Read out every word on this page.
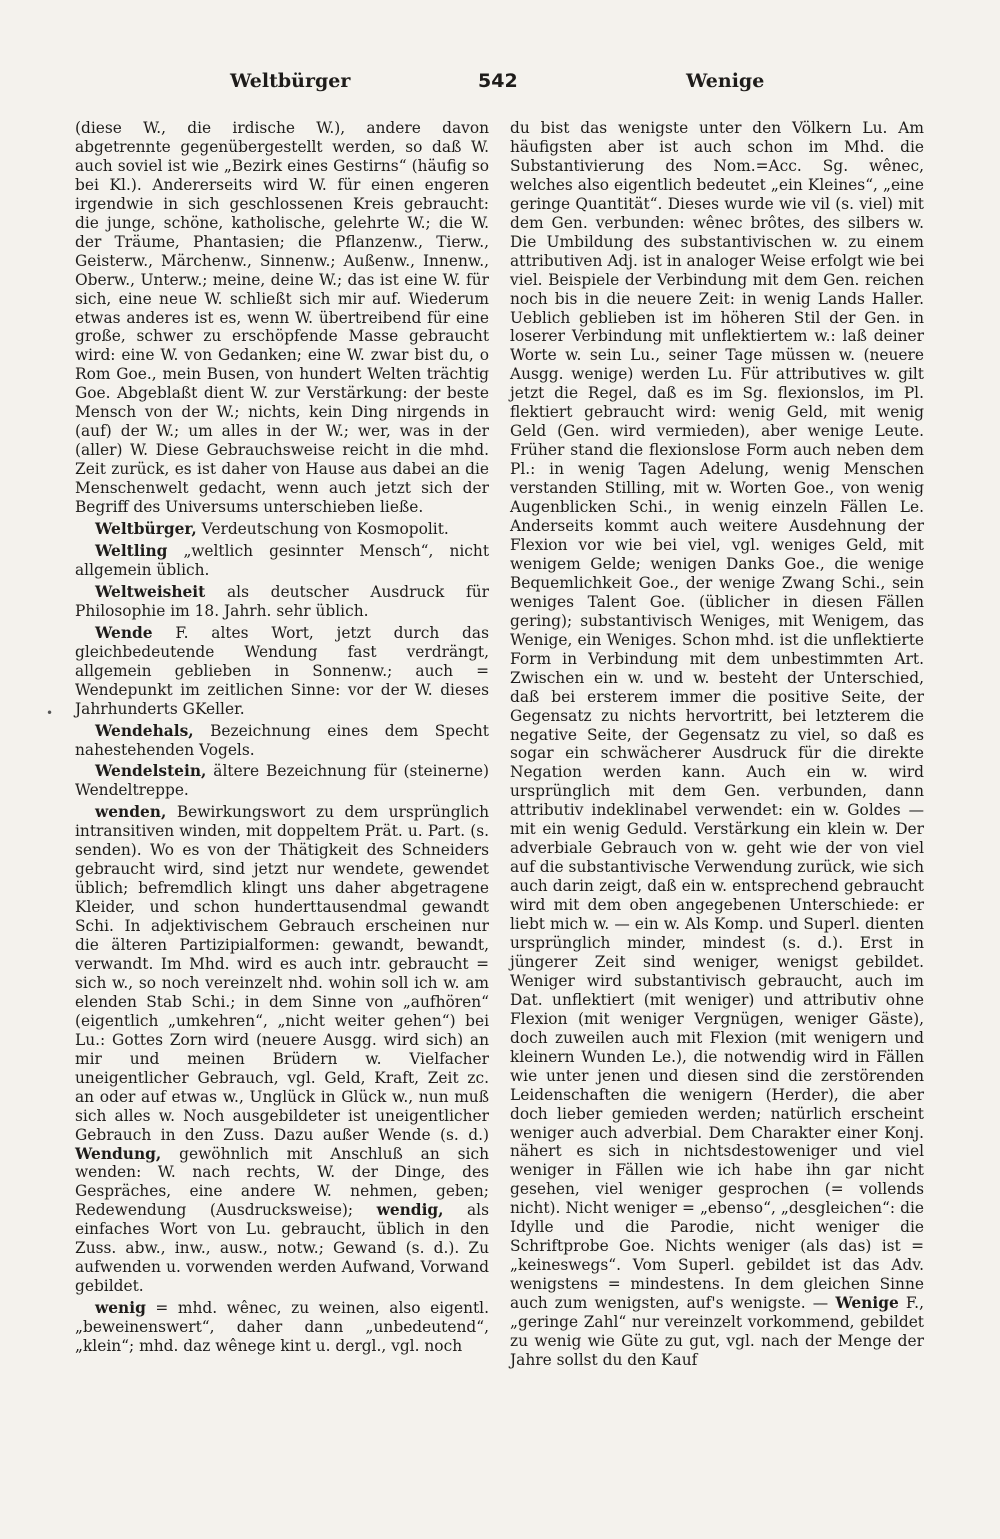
Weltbürger	542	Wenige
•

(diese W., die irdische W.), andere davon abgetrennte gegenübergestellt werden, so daß W. auch soviel ist wie „Bezirk eines Gestirns“ (häufig so bei Kl.). Andererseits wird W. für einen engeren irgendwie in sich geschlossenen Kreis gebraucht: die junge, schöne, katholische, gelehrte W.; die W. der Träume, Phantasien; die Pflanzenw., Tierw., Geisterw., Märchenw., Sinnenw.; Außenw., Innenw., Oberw., Unterw.; meine, deine W.; das ist eine W. für sich, eine neue W. schließt sich mir auf. Wiederum etwas anderes ist es, wenn W. übertreibend für eine große, schwer zu erschöpfende Masse gebraucht wird: eine W. von Gedanken; eine W. zwar bist du, o Rom Goe., mein Busen, von hundert Welten trächtig Goe. Abgeblaßt dient W. zur Verstärkung: der beste Mensch von der W.; nichts, kein Ding nirgends in (auf) der W.; um alles in der W.; wer, was in der (aller) W. Diese Gebrauchsweise reicht in die mhd. Zeit zurück, es ist daher von Hause aus dabei an die Menschenwelt gedacht, wenn auch jetzt sich der Begriff des Universums unterschieben ließe.

Weltbürger, Verdeutschung von Kosmopolit.

Weltling „weltlich gesinnter Mensch“, nicht allgemein üblich.

Weltweisheit als deutscher Ausdruck für Philosophie im 18. Jahrh. sehr üblich.

Wende F. altes Wort, jetzt durch das gleichbedeutende Wendung fast verdrängt, allgemein geblieben in Sonnenw.; auch = Wendepunkt im zeitlichen Sinne: vor der W. dieses Jahrhunderts GKeller.

Wendehals, Bezeichnung eines dem Specht nahestehenden Vogels.

Wendelstein, ältere Bezeichnung für (steinerne) Wendeltreppe.

wenden, Bewirkungswort zu dem ursprünglich intransitiven winden, mit doppeltem Prät. u. Part. (s. senden). Wo es von der Thätigkeit des Schneiders gebraucht wird, sind jetzt nur wendete, gewendet üblich; befremdlich klingt uns daher abgetragene Kleider, und schon hunderttausendmal gewandt Schi. In adjektivischem Gebrauch erscheinen nur die älteren Partizipialformen: gewandt, bewandt, verwandt. Im Mhd. wird es auch intr. gebraucht = sich w., so noch vereinzelt nhd. wohin soll ich w. am elenden Stab Schi.; in dem Sinne von „aufhören“ (eigentlich „umkehren“, „nicht weiter gehen“) bei Lu.: Gottes Zorn wird (neuere Ausgg. wird sich) an mir und meinen Brüdern w. Vielfacher uneigentlicher Gebrauch, vgl. Geld, Kraft, Zeit zc. an oder auf etwas w., Unglück in Glück w., nun muß sich alles w. Noch ausgebildeter ist uneigentlicher Gebrauch in den Zuss. Dazu außer Wende (s. d.) Wendung, gewöhnlich mit Anschluß an sich wenden: W. nach rechts, W. der Dinge, des Gespräches, eine andere W. nehmen, geben; Redewendung (Ausdrucksweise); wendig, als einfaches Wort von Lu. gebraucht, üblich in den Zuss. abw., inw., ausw., notw.; Gewand (s. d.). Zu aufwenden u. vorwenden werden Aufwand, Vorwand gebildet.

wenig = mhd. wênec, zu weinen, also eigentl. „beweinenswert“, daher dann „unbedeutend“, „klein“; mhd. daz wênege kint u. dergl., vgl. noch

du bist das wenigste unter den Völkern Lu. Am häufigsten aber ist auch schon im Mhd. die Substantivierung des Nom.=Acc. Sg. wênec, welches also eigentlich bedeutet „ein Kleines“, „eine geringe Quantität“. Dieses wurde wie vil (s. viel) mit dem Gen. verbunden: wênec brôtes, des silbers w. Die Umbildung des substantivischen w. zu einem attributiven Adj. ist in analoger Weise erfolgt wie bei viel. Beispiele der Verbindung mit dem Gen. reichen noch bis in die neuere Zeit: in wenig Lands Haller. Ueblich geblieben ist im höheren Stil der Gen. in loserer Verbindung mit unflektiertem w.: laß deiner Worte w. sein Lu., seiner Tage müssen w. (neuere Ausgg. wenige) werden Lu. Für attributives w. gilt jetzt die Regel, daß es im Sg. flexionslos, im Pl. flektiert gebraucht wird: wenig Geld, mit wenig Geld (Gen. wird vermieden), aber wenige Leute. Früher stand die flexionslose Form auch neben dem Pl.: in wenig Tagen Adelung, wenig Menschen verstanden Stilling, mit w. Worten Goe., von wenig Augenblicken Schi., in wenig einzeln Fällen Le. Anderseits kommt auch weitere Ausdehnung der Flexion vor wie bei viel, vgl. weniges Geld, mit wenigem Gelde; wenigen Danks Goe., die wenige Bequemlichkeit Goe., der wenige Zwang Schi., sein weniges Talent Goe. (üblicher in diesen Fällen gering); substantivisch Weniges, mit Wenigem, das Wenige, ein Weniges. Schon mhd. ist die unflektierte Form in Verbindung mit dem unbestimmten Art. Zwischen ein w. und w. besteht der Unterschied, daß bei ersterem immer die positive Seite, der Gegensatz zu nichts hervortritt, bei letzterem die negative Seite, der Gegensatz zu viel, so daß es sogar ein schwächerer Ausdruck für die direkte Negation werden kann. Auch ein w. wird ursprünglich mit dem Gen. verbunden, dann attributiv indeklinabel verwendet: ein w. Goldes — mit ein wenig Geduld. Verstärkung ein klein w. Der adverbiale Gebrauch von w. geht wie der von viel auf die substantivische Verwendung zurück, wie sich auch darin zeigt, daß ein w. entsprechend gebraucht wird mit dem oben angegebenen Unterschiede: er liebt mich w. — ein w. Als Komp. und Superl. dienten ursprünglich minder, mindest (s. d.). Erst in jüngerer Zeit sind weniger, wenigst gebildet. Weniger wird substantivisch gebraucht, auch im Dat. unflektiert (mit weniger) und attributiv ohne Flexion (mit weniger Vergnügen, weniger Gäste), doch zuweilen auch mit Flexion (mit wenigern und kleinern Wunden Le.), die notwendig wird in Fällen wie unter jenen und diesen sind die zerstörenden Leidenschaften die wenigern (Herder), die aber doch lieber gemieden werden; natürlich erscheint weniger auch adverbial. Dem Charakter einer Konj. nähert es sich in nichtsdestoweniger und viel weniger in Fällen wie ich habe ihn gar nicht gesehen, viel weniger gesprochen (= vollends nicht). Nicht weniger = „ebenso“, „desgleichen“: die Idylle und die Parodie, nicht weniger die Schriftprobe Goe. Nichts weniger (als das) ist = „keineswegs“. Vom Superl. gebildet ist das Adv. wenigstens = mindestens. In dem gleichen Sinne auch zum wenigsten, auf's wenigste. — Wenige F., „geringe Zahl“ nur vereinzelt vorkommend, gebildet zu wenig wie Güte zu gut, vgl. nach der Menge der Jahre sollst du den Kauf
